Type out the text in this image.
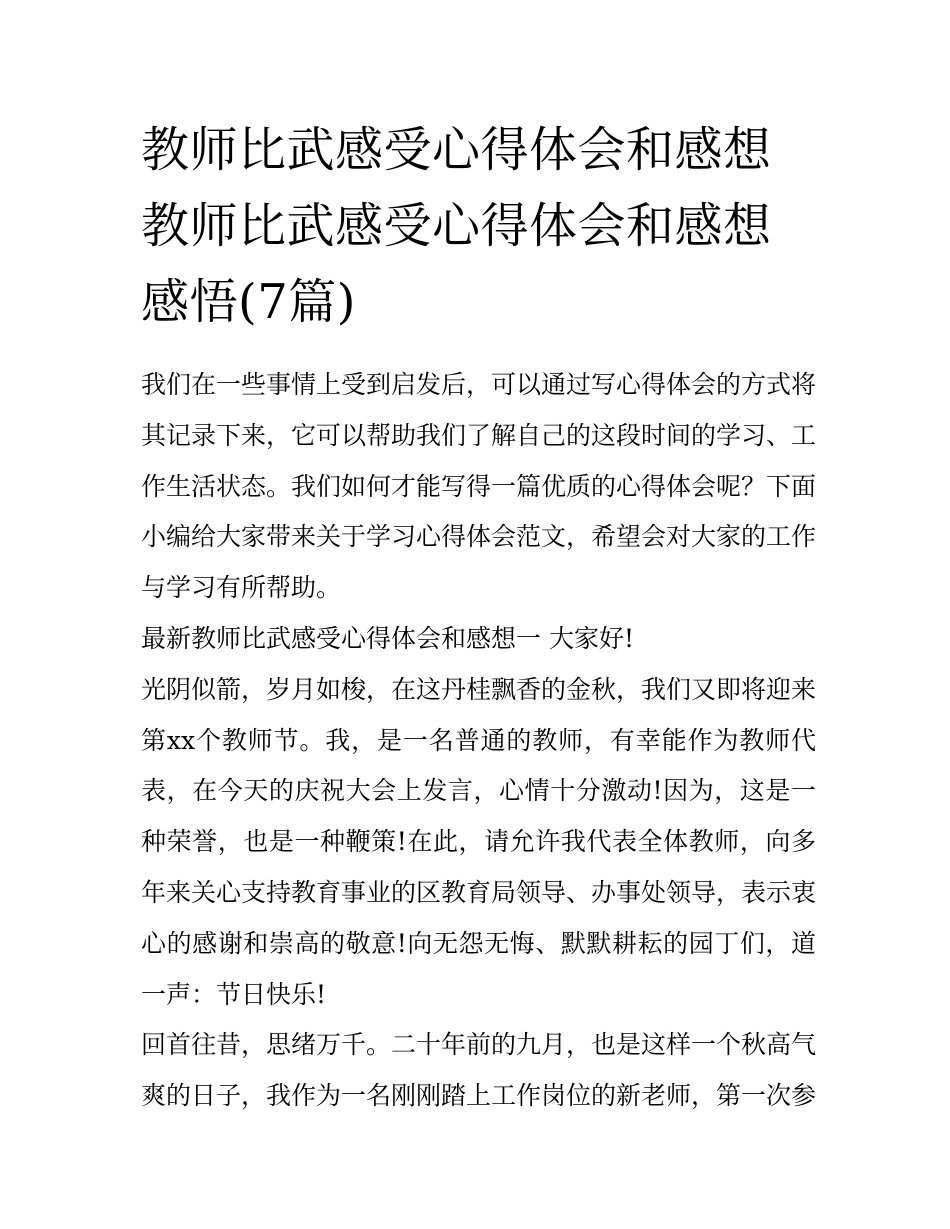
教师比武感受心得体会和感想教师比武感受心得体会和感想感悟(7篇)

我们在一些事情上受到启发后，可以通过写心得体会的方式将其记录下来，它可以帮助我们了解自己的这段时间的学习、工作生活状态。我们如何才能写得一篇优质的心得体会呢？下面小编给大家带来关于学习心得体会范文，希望会对大家的工作与学习有所帮助。

最新教师比武感受心得体会和感想一 大家好!

光阴似箭，岁月如梭，在这丹桂飘香的金秋，我们又即将迎来第xx个教师节。我，是一名普通的教师，有幸能作为教师代表，在今天的庆祝大会上发言，心情十分激动!因为，这是一种荣誉，也是一种鞭策!在此，请允许我代表全体教师，向多年来关心支持教育事业的区教育局领导、办事处领导，表示衷心的感谢和崇高的敬意!向无怨无悔、默默耕耘的园丁们，道一声：节日快乐!

回首往昔，思绪万千。二十年前的九月，也是这样一个秋高气爽的日子，我作为一名刚刚踏上工作岗位的新老师，第一次参
